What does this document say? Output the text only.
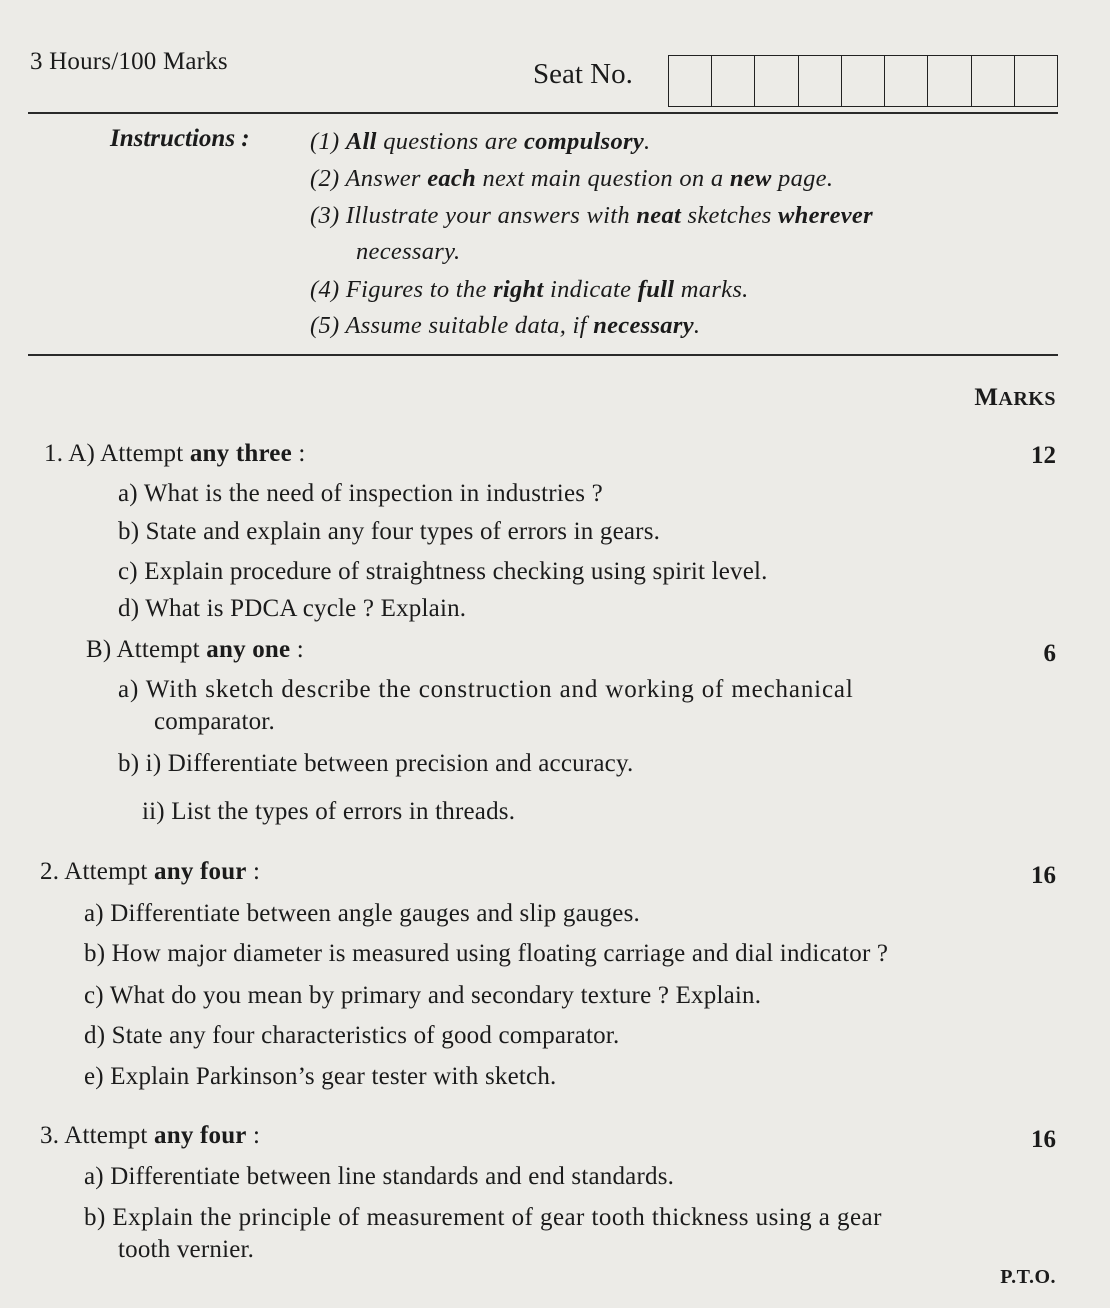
3 Hours/100 Marks	Seat No.
Instructions : (1) All questions are compulsory.
(2) Answer each next main question on a new page.
(3) Illustrate your answers with neat sketches wherever
necessary.
(4) Figures to the right indicate full marks.
(5) Assume suitable data, if necessary.
MARKS
1. A) Attempt any three :	12
a) What is the need of inspection in industries ?
b) State and explain any four types of errors in gears.
c) Explain procedure of straightness checking using spirit level.
d) What is PDCA cycle ? Explain.
B) Attempt any one :	6
a) With sketch describe the construction and working of mechanical
comparator.
b) i) Differentiate between precision and accuracy.
ii) List the types of errors in threads.
2. Attempt any four :	16
a) Differentiate between angle gauges and slip gauges.
b) How major diameter is measured using floating carriage and dial indicator ?
c) What do you mean by primary and secondary texture ? Explain.
d) State any four characteristics of good comparator.
e) Explain Parkinson’s gear tester with sketch.
3. Attempt any four :	16
a) Differentiate between line standards and end standards.
b) Explain the principle of measurement of gear tooth thickness using a gear
tooth vernier.
P.T.O.
